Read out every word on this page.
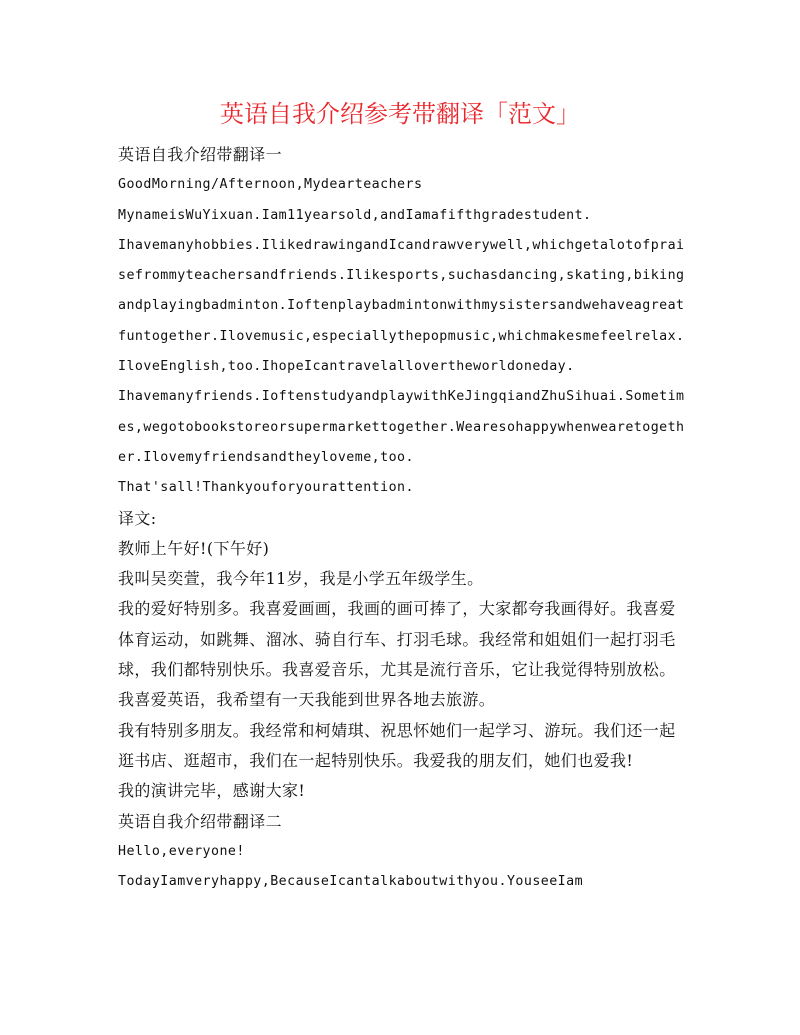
英语自我介绍参考带翻译「范文」

英语自我介绍带翻译一

GoodMorning/Afternoon,Mydearteachers

MynameisWuYixuan.Iam11yearsold,andIamafifthgradestudent.

Ihavemanyhobbies.IlikedrawingandIcandrawverywell,whichgetalotofpraisefrommyteachersandfriends.Ilikesports,suchasdancing,skating,bikingandplayingbadminton.Ioftenplaybadmintonwithmysistersandwehaveagreatfuntogether.Ilovemusic,especiallythepopmusic,whichmakesmefeelrelax.IloveEnglish,too.IhopeIcantravelallovertheworldoneday.

Ihavemanyfriends.IoftenstudyandplaywithKeJingqiandZhuSihuai.Sometimes,wegotobookstoreorsupermarkettogether.Wearesohappywhenwearetogether.Ilovemyfriendsandtheyloveme,too.

That'sall!Thankyouforyourattention.

译文:

教师上午好!(下午好)

我叫吴奕萱，我今年11岁，我是小学五年级学生。

我的爱好特别多。我喜爱画画，我画的画可捧了，大家都夸我画得好。我喜爱体育运动，如跳舞、溜冰、骑自行车、打羽毛球。我经常和姐姐们一起打羽毛球，我们都特别快乐。我喜爱音乐，尤其是流行音乐，它让我觉得特别放松。我喜爱英语，我希望有一天我能到世界各地去旅游。

我有特别多朋友。我经常和柯婧琪、祝思怀她们一起学习、游玩。我们还一起逛书店、逛超市，我们在一起特别快乐。我爱我的朋友们，她们也爱我!

我的演讲完毕，感谢大家!

英语自我介绍带翻译二

Hello,everyone!

TodayIamveryhappy,BecauseIcantalkaboutwithyou.YouseeIam
